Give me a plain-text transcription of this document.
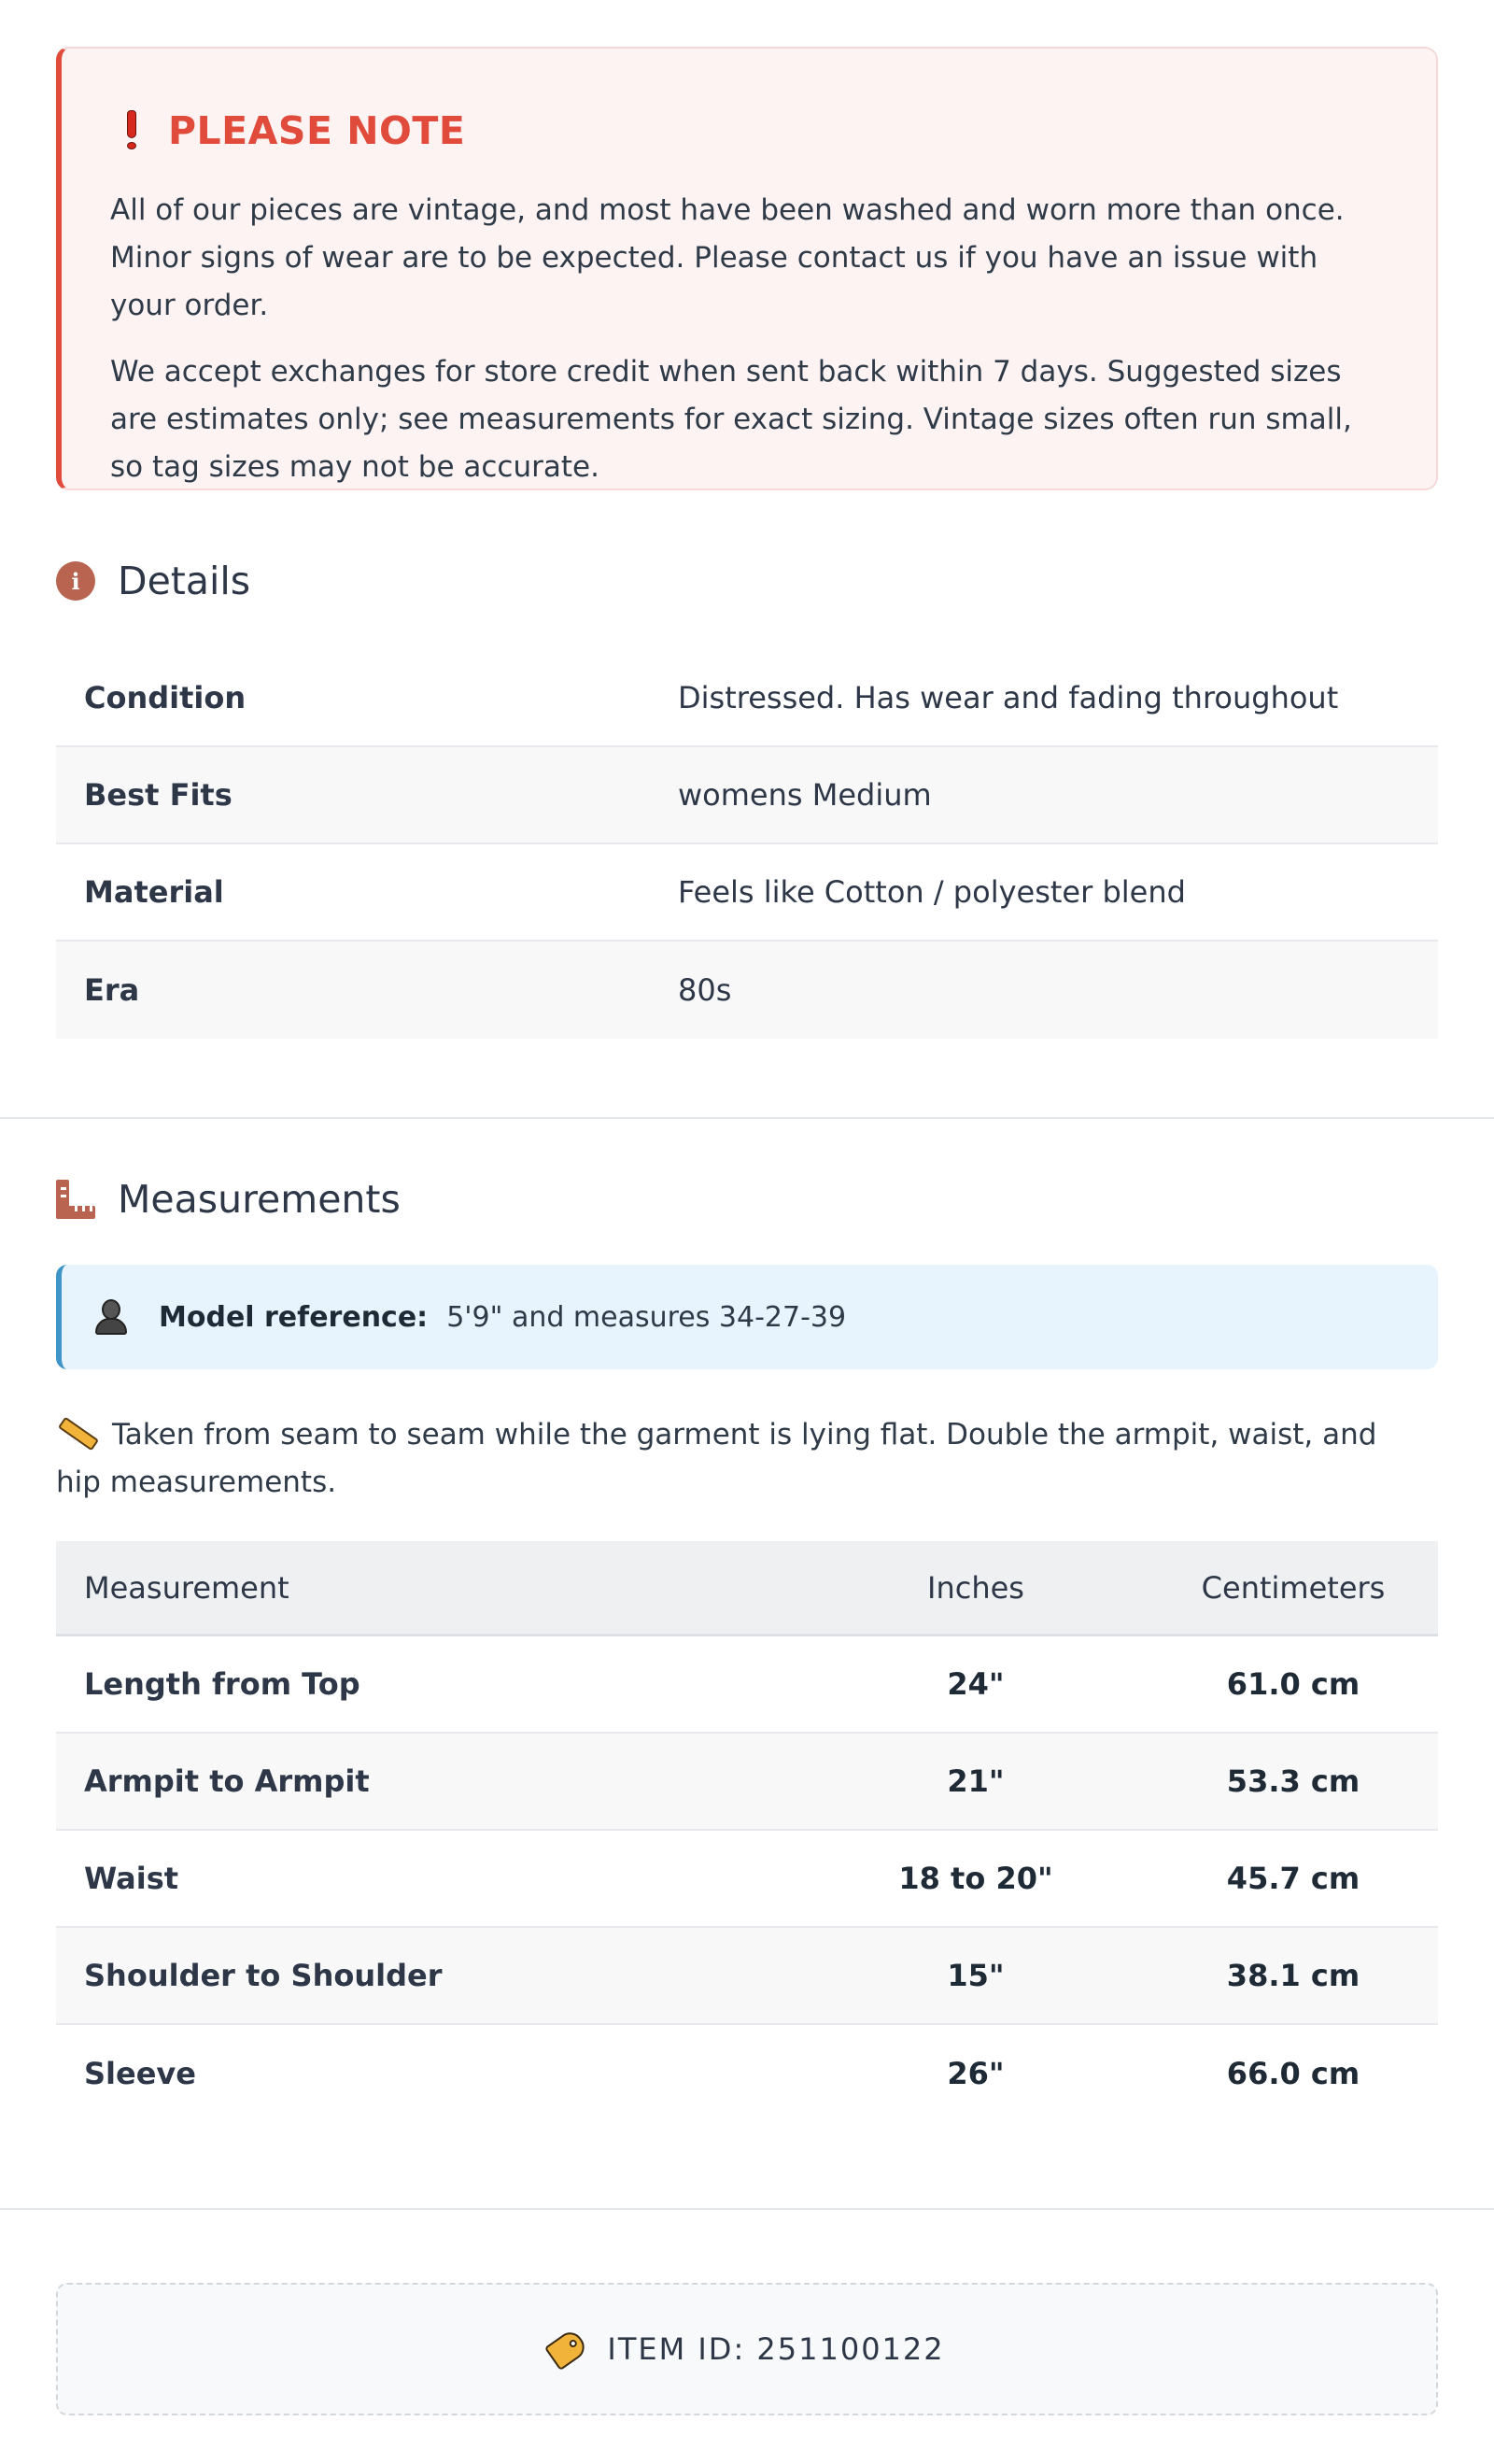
PLEASE NOTE

All of our pieces are vintage, and most have been washed and worn more than once. Minor signs of wear are to be expected. Please contact us if you have an issue with your order.

We accept exchanges for store credit when sent back within 7 days. Suggested sizes are estimates only; see measurements for exact sizing. Vintage sizes often run small, so tag sizes may not be accurate.

i Details
Condition	Distressed. Has wear and fading throughout
Best Fits	womens Medium
Material	Feels like Cotton / polyester blend
Era	80s
Measurements
Model reference: 5'9" and measures 34-27-39
Taken from seam to seam while the garment is lying flat. Double the armpit, waist, and hip measurements.
Measurement	Inches	Centimeters
Length from Top	24"	61.0 cm
Armpit to Armpit	21"	53.3 cm
Waist	18 to 20"	45.7 cm
Shoulder to Shoulder	15"	38.1 cm
Sleeve	26"	66.0 cm
ITEM ID: 251100122
